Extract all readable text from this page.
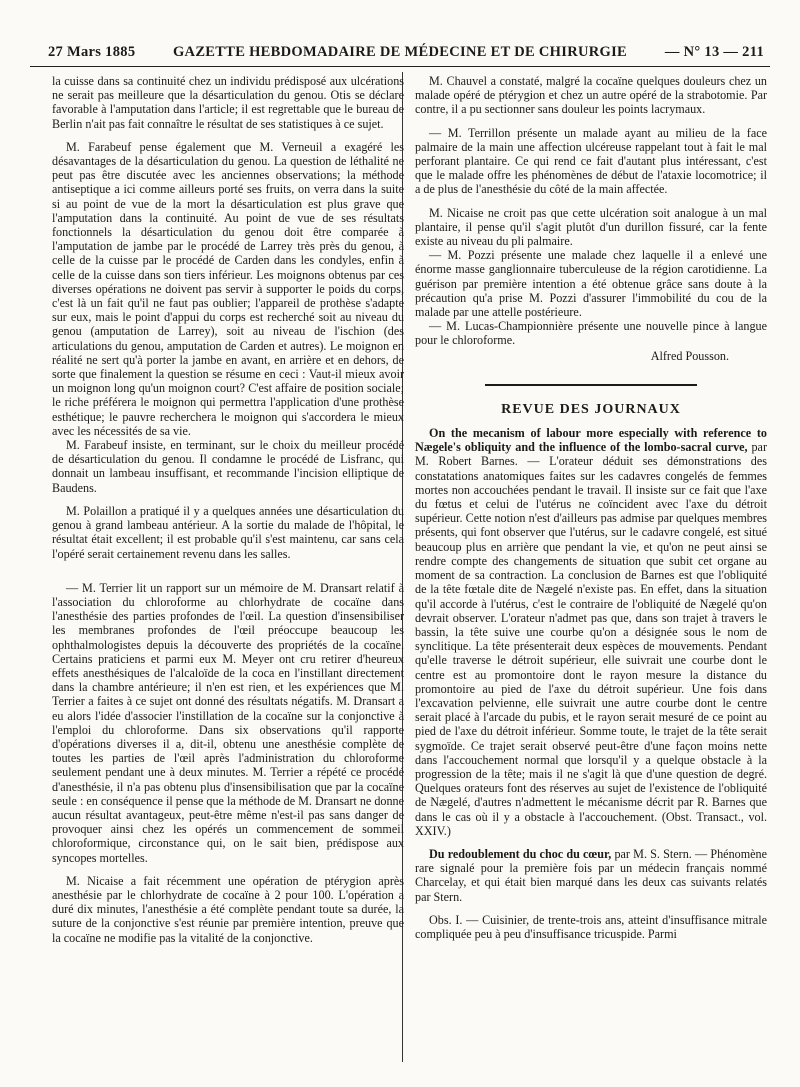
27 Mars 1885	GAZETTE HEBDOMADAIRE DE MÉDECINE ET DE CHIRURGIE	— N° 13 — 211

la cuisse dans sa continuité chez un individu prédisposé aux ulcérations ne serait pas meilleure que la désarticulation du genou. Otis se déclare favorable à l'amputation dans l'article; il est regrettable que le bureau de Berlin n'ait pas fait connaître le résultat de ses statistiques à ce sujet.

M. Farabeuf pense également que M. Verneuil a exagéré les désavantages de la désarticulation du genou. La question de léthalité ne peut pas être discutée avec les anciennes observations; la méthode antiseptique a ici comme ailleurs porté ses fruits, on verra dans la suite si au point de vue de la mort la désarticulation est plus grave que l'amputation dans la continuité. Au point de vue de ses résultats fonctionnels la désarticulation du genou doit être comparée à l'amputation de jambe par le procédé de Larrey très près du genou, à celle de la cuisse par le procédé de Carden dans les condyles, enfin à celle de la cuisse dans son tiers inférieur. Les moignons obtenus par ces diverses opérations ne doivent pas servir à supporter le poids du corps, c'est là un fait qu'il ne faut pas oublier; l'appareil de prothèse s'adapte sur eux, mais le point d'appui du corps est recherché soit au niveau du genou (amputation de Larrey), soit au niveau de l'ischion (des articulations du genou, amputation de Carden et autres). Le moignon en réalité ne sert qu'à porter la jambe en avant, en arrière et en dehors, de sorte que finalement la question se résume en ceci : Vaut-il mieux avoir un moignon long qu'un moignon court? C'est affaire de position sociale; le riche préférera le moignon qui permettra l'application d'une prothèse esthétique; le pauvre recherchera le moignon qui s'accordera le mieux avec les nécessités de sa vie.

M. Farabeuf insiste, en terminant, sur le choix du meilleur procédé de désarticulation du genou. Il condamne le procédé de Lisfranc, qui donnait un lambeau insuffisant, et recommande l'incision elliptique de Baudens.

M. Polaillon a pratiqué il y a quelques années une désarticulation du genou à grand lambeau antérieur. A la sortie du malade de l'hôpital, le résultat était excellent; il est probable qu'il s'est maintenu, car sans cela l'opéré serait certainement revenu dans les salles.

— M. Terrier lit un rapport sur un mémoire de M. Dransart relatif à l'association du chloroforme au chlorhydrate de cocaïne dans l'anesthésie des parties profondes de l'œil. La question d'insensibiliser les membranes profondes de l'œil préoccupe beaucoup les ophthalmologistes depuis la découverte des propriétés de la cocaïne. Certains praticiens et parmi eux M. Meyer ont cru retirer d'heureux effets anesthésiques de l'alcaloïde de la coca en l'instillant directement dans la chambre antérieure; il n'en est rien, et les expériences que M. Terrier a faites à ce sujet ont donné des résultats négatifs. M. Dransart a eu alors l'idée d'associer l'instillation de la cocaïne sur la conjonctive à l'emploi du chloroforme. Dans six observations qu'il rapporte d'opérations diverses il a, dit-il, obtenu une anesthésie complète de toutes les parties de l'œil après l'administration du chloroforme seulement pendant une à deux minutes. M. Terrier a répété ce procédé d'anesthésie, il n'a pas obtenu plus d'insensibilisation que par la cocaïne seule : en conséquence il pense que la méthode de M. Dransart ne donne aucun résultat avantageux, peut-être même n'est-il pas sans danger de provoquer ainsi chez les opérés un commencement de sommeil chloroformique, circonstance qui, on le sait bien, prédispose aux syncopes mortelles.

M. Nicaise a fait récemment une opération de ptérygion après anesthésie par le chlorhydrate de cocaïne à 2 pour 100. L'opération a duré dix minutes, l'anesthésie a été complète pendant toute sa durée, la suture de la conjonctive s'est réunie par première intention, preuve que la cocaïne ne modifie pas la vitalité de la conjonctive.

M. Chauvel a constaté, malgré la cocaïne quelques douleurs chez un malade opéré de ptérygion et chez un autre opéré de la strabotomie. Par contre, il a pu sectionner sans douleur les points lacrymaux.

— M. Terrillon présente un malade ayant au milieu de la face palmaire de la main une affection ulcéreuse rappelant tout à fait le mal perforant plantaire. Ce qui rend ce fait d'autant plus intéressant, c'est que le malade offre les phénomènes de début de l'ataxie locomotrice; il a de plus de l'anesthésie du côté de la main affectée.

M. Nicaise ne croit pas que cette ulcération soit analogue à un mal plantaire, il pense qu'il s'agit plutôt d'un durillon fissuré, car la fente existe au niveau du pli palmaire.

— M. Pozzi présente une malade chez laquelle il a enlevé une énorme masse ganglionnaire tuberculeuse de la région carotidienne. La guérison par première intention a été obtenue grâce sans doute à la précaution qu'a prise M. Pozzi d'assurer l'immobilité du cou de la malade par une attelle postérieure.

— M. Lucas-Championnière présente une nouvelle pince à langue pour le chloroforme.

Alfred Pousson.
REVUE DES JOURNAUX

On the mecanism of labour more especially with reference to Nægele's obliquity and the influence of the lombo-sacral curve, par M. Robert Barnes. — L'orateur déduit ses démonstrations des constatations anatomiques faites sur les cadavres congelés de femmes mortes non accouchées pendant le travail. Il insiste sur ce fait que l'axe du fœtus et celui de l'utérus ne coïncident avec l'axe du détroit supérieur. Cette notion n'est d'ailleurs pas admise par quelques membres présents, qui font observer que l'utérus, sur le cadavre congelé, est situé beaucoup plus en arrière que pendant la vie, et qu'on ne peut ainsi se rendre compte des changements de situation que subit cet organe au moment de sa contraction. La conclusion de Barnes est que l'obliquité de la tête fœtale dite de Nægelé n'existe pas. En effet, dans la situation qu'il accorde à l'utérus, c'est le contraire de l'obliquité de Nægelé qu'on devrait observer. L'orateur n'admet pas que, dans son trajet à travers le bassin, la tête suive une courbe qu'on a désignée sous le nom de synclitique. La tête présenterait deux espèces de mouvements. Pendant qu'elle traverse le détroit supérieur, elle suivrait une courbe dont le centre est au promontoire dont le rayon mesure la distance du promontoire au pied de l'axe du détroit supérieur. Une fois dans l'excavation pelvienne, elle suivrait une autre courbe dont le centre serait placé à l'arcade du pubis, et le rayon serait mesuré de ce point au pied de l'axe du détroit inférieur. Somme toute, le trajet de la tête serait sygmoïde. Ce trajet serait observé peut-être d'une façon moins nette dans l'accouchement normal que lorsqu'il y a quelque obstacle à la progression de la tête; mais il ne s'agit là que d'une question de degré. Quelques orateurs font des réserves au sujet de l'existence de l'obliquité de Nægelé, d'autres n'admettent le mécanisme décrit par R. Barnes que dans le cas où il y a obstacle à l'accouchement. (Obst. Transact., vol. XXIV.)

Du redoublement du choc du cœur, par M. S. Stern. — Phénomène rare signalé pour la première fois par un médecin français nommé Charcelay, et qui était bien marqué dans les deux cas suivants relatés par Stern.

Obs. I. — Cuisinier, de trente-trois ans, atteint d'insuffisance mitrale compliquée peu à peu d'insuffisance tricuspide. Parmi
